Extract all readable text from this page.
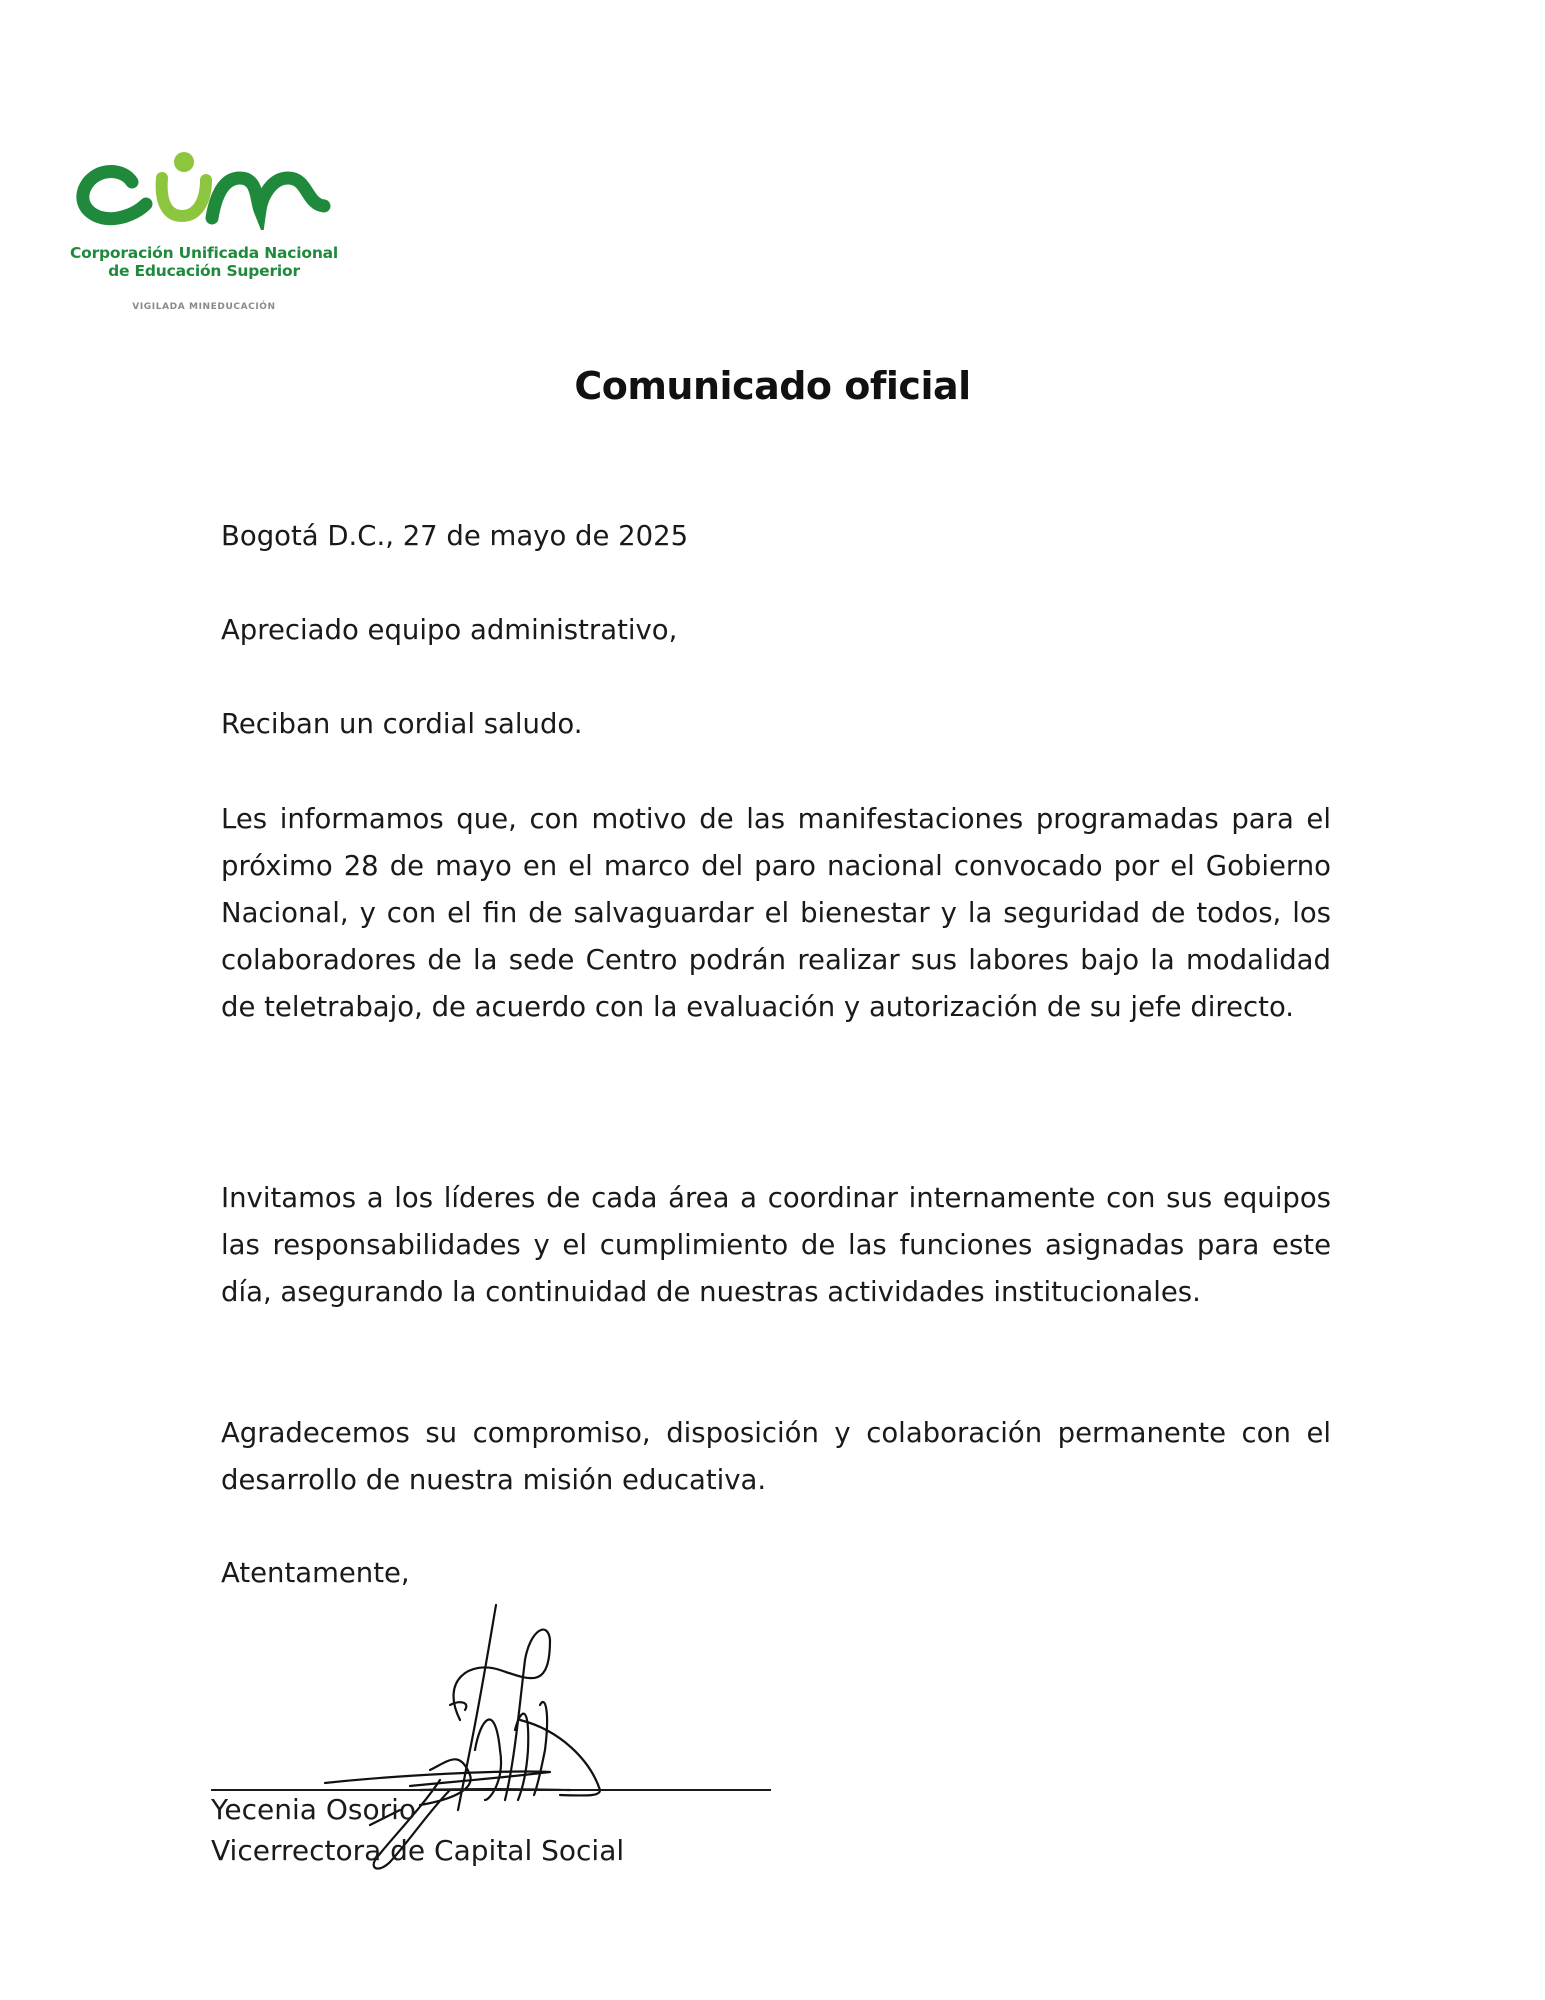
Corporación Unificada Nacional
de Educación Superior
VIGILADA MINEDUCACIÓN
Comunicado oficial

Bogotá D.C., 27 de mayo de 2025

Apreciado equipo administrativo,

Reciban un cordial saludo.

Les informamos que, con motivo de las manifestaciones programadas para el próximo 28 de mayo en el marco del paro nacional convocado por el Gobierno Nacional, y con el fin de salvaguardar el bienestar y la seguridad de todos, los colaboradores de la sede Centro podrán realizar sus labores bajo la modalidad de teletrabajo, de acuerdo con la evaluación y autorización de su jefe directo.

Invitamos a los líderes de cada área a coordinar internamente con sus equipos las responsabilidades y el cumplimiento de las funciones asignadas para este día, asegurando la continuidad de nuestras actividades institucionales.

Agradecemos su compromiso, disposición y colaboración permanente con el desarrollo de nuestra misión educativa.

Atentamente,

Yecenia Osorio
Vicerrectora de Capital Social
